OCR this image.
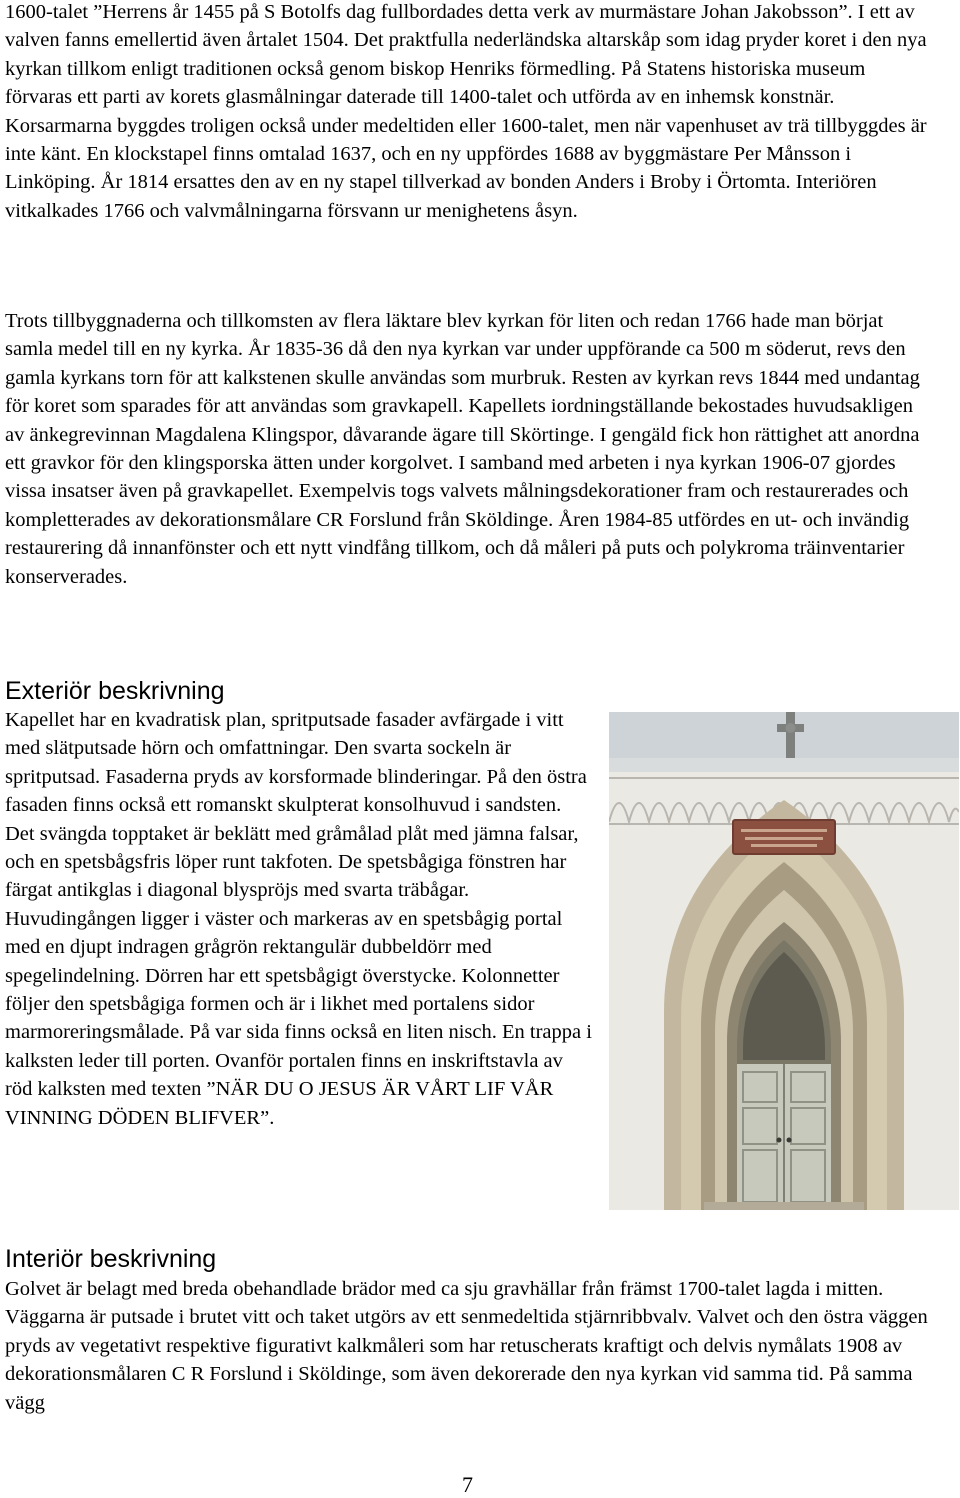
1600-talet ”Herrens år 1455 på S Botolfs dag fullbordades detta verk av murmästare Johan Jakobsson”. I ett av valven fanns emellertid även årtalet 1504. Det praktfulla nederländska altarskåp som idag pryder koret i den nya kyrkan tillkom enligt traditionen också genom biskop Henriks förmedling. På Statens historiska museum förvaras ett parti av korets glasmålningar daterade till 1400-talet och utförda av en inhemsk konstnär. Korsarmarna byggdes troligen också under medeltiden eller 1600-talet, men när vapenhuset av trä tillbyggdes är inte känt. En klockstapel finns omtalad 1637, och en ny uppfördes 1688 av byggmästare Per Månsson i Linköping. År 1814 ersattes den av en ny stapel tillverkad av bonden Anders i Broby i Örtomta. Interiören vitkalkades 1766 och valvmålningarna försvann ur menighetens åsyn.

Trots tillbyggnaderna och tillkomsten av flera läktare blev kyrkan för liten och redan 1766 hade man börjat samla medel till en ny kyrka. År 1835-36 då den nya kyrkan var under uppförande ca 500 m söderut, revs den gamla kyrkans torn för att kalkstenen skulle användas som murbruk. Resten av kyrkan revs 1844 med undantag för koret som sparades för att användas som gravkapell. Kapellets iordningställande bekostades huvudsakligen av änkegrevinnan Magdalena Klingspor, dåvarande ägare till Skörtinge. I gengäld fick hon rättighet att anordna ett gravkor för den klingsporska ätten under korgolvet. I samband med arbeten i nya kyrkan 1906-07 gjordes vissa insatser även på gravkapellet. Exempelvis togs valvets målningsdekorationer fram och restaurerades och kompletterades av dekorationsmålare CR Forslund från Sköldinge. Åren 1984-85 utfördes en ut- och invändig restaurering då innanfönster och ett nytt vindfång tillkom, och då måleri på puts och polykroma träinventarier konserverades.

Exteriör beskrivning

Kapellet har en kvadratisk plan, spritputsade fasader avfärgade i vitt med slätputsade hörn och omfattningar. Den svarta sockeln är spritputsad. Fasaderna pryds av korsformade blinderingar. På den östra fasaden finns också ett romanskt skulpterat konsolhuvud i sandsten. Det svängda topptaket är beklätt med gråmålad plåt med jämna falsar, och en spetsbågsfris löper runt takfoten. De spetsbågiga fönstren har färgat antikglas i diagonal blyspröjs med svarta träbågar. Huvudingången ligger i väster och markeras av en spetsbågig portal med en djupt indragen grågrön rektangulär dubbeldörr med spegelindelning. Dörren har ett spetsbågigt överstycke. Kolonnetter följer den spetsbågiga formen och är i likhet med portalens sidor marmoreringsmålade. På var sida finns också en liten nisch. En trappa i kalksten leder till porten. Ovanför portalen finns en inskriftstavla av röd kalksten med texten ”NÄR DU O JESUS ÄR VÅRT LIF VÅR VINNING DÖDEN BLIFVER”.

Interiör beskrivning

Golvet är belagt med breda obehandlade brädor med ca sju gravhällar från främst 1700-talet lagda i mitten. Väggarna är putsade i brutet vitt och taket utgörs av ett senmedeltida stjärnribbvalv. Valvet och den östra väggen pryds av vegetativt respektive figurativt kalkmåleri som har retuscherats kraftigt och delvis nymålats 1908 av dekorationsmålaren C R Forslund i Sköldinge, som även dekorerade den nya kyrkan vid samma tid. På samma vägg

7
